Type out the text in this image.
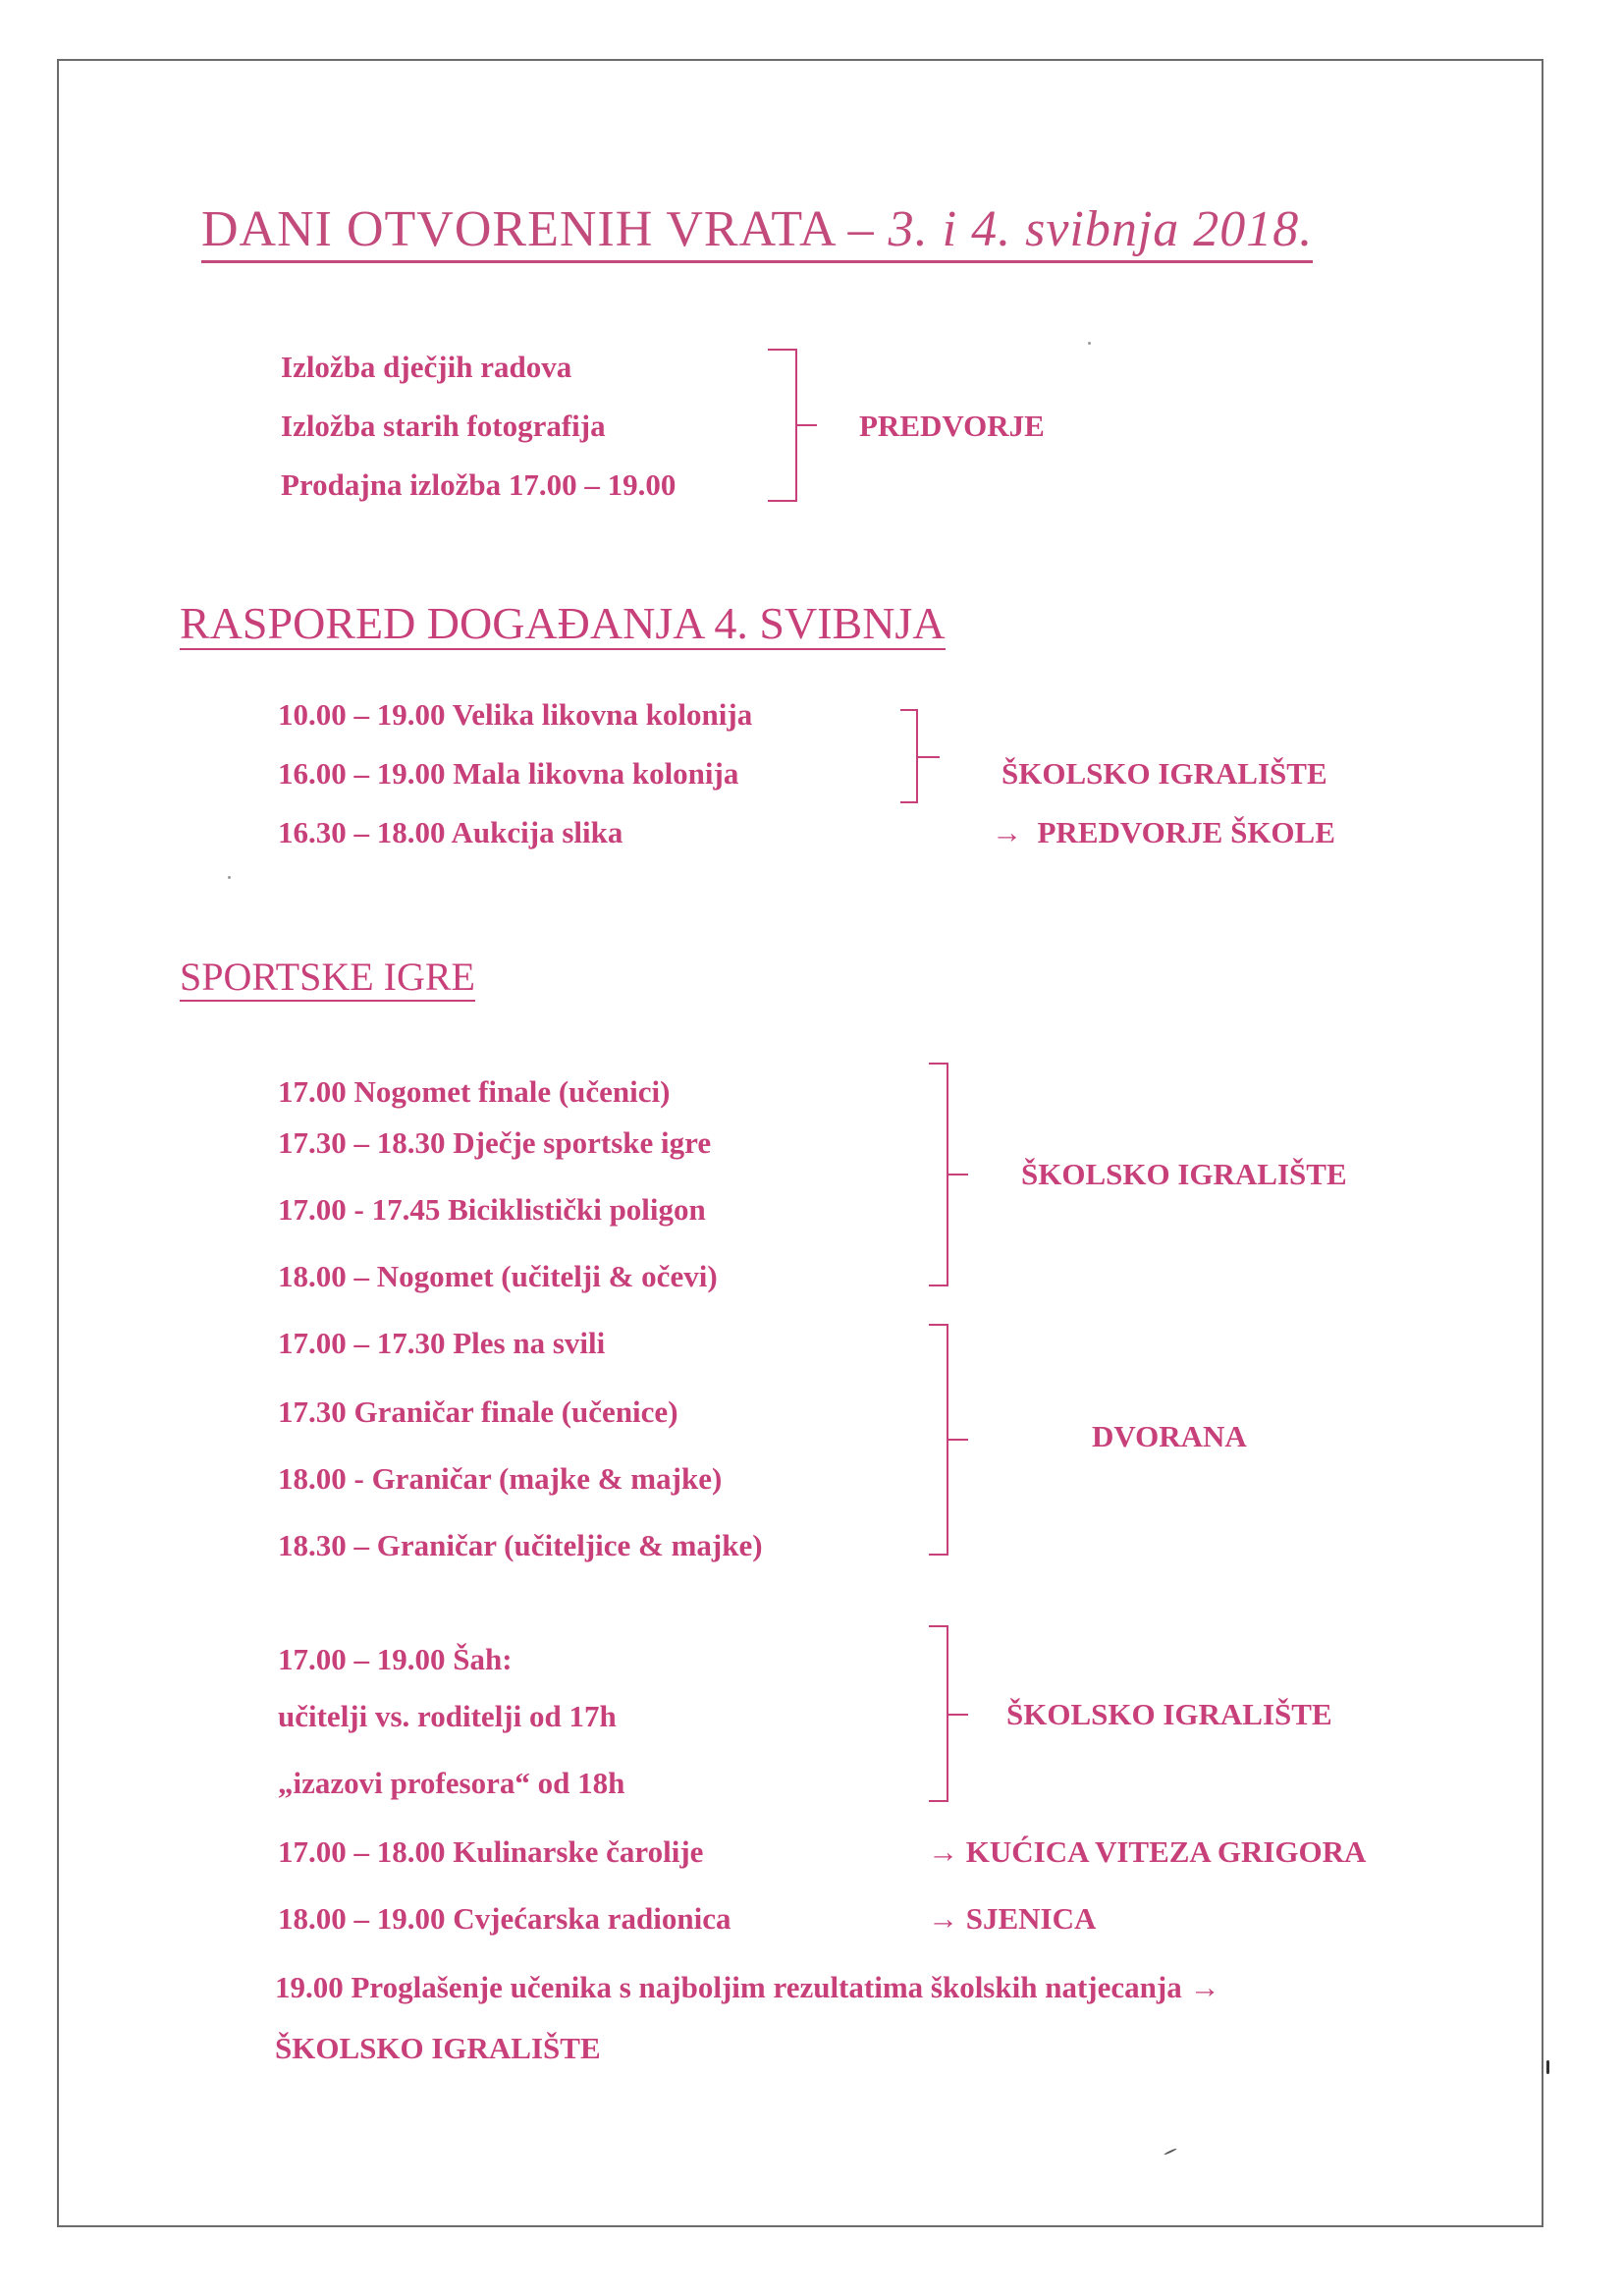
DANI OTVORENIH VRATA – 3. i 4. svibnja 2018.
Izložba dječjih radova
Izložba starih fotografija
Prodajna izložba 17.00 – 19.00
PREDVORJE
RASPORED DOGAĐANJA 4. SVIBNJA
10.00 – 19.00 Velika likovna kolonija
16.00 – 19.00 Mala likovna kolonija
16.30 – 18.00 Aukcija slika
ŠKOLSKO IGRALIŠTE
→ PREDVORJE ŠKOLE
SPORTSKE IGRE
17.00 Nogomet finale (učenici)
17.30 – 18.30 Dječje sportske igre
17.00 - 17.45 Biciklistički poligon
18.00 – Nogomet (učitelji & očevi)
ŠKOLSKO IGRALIŠTE
17.00 – 17.30 Ples na svili
17.30 Graničar finale (učenice)
18.00 - Graničar (majke & majke)
18.30 – Graničar (učiteljice & majke)
DVORANA
17.00 – 19.00 Šah:
učitelji vs. roditelji od 17h
„izazovi profesora“ od 18h
ŠKOLSKO IGRALIŠTE
17.00 – 18.00 Kulinarske čarolije	→ KUĆICA VITEZA GRIGORA
18.00 – 19.00 Cvjećarska radionica	→ SJENICA
19.00 Proglašenje učenika s najboljim rezultatima školskih natjecanja →
ŠKOLSKO IGRALIŠTE
